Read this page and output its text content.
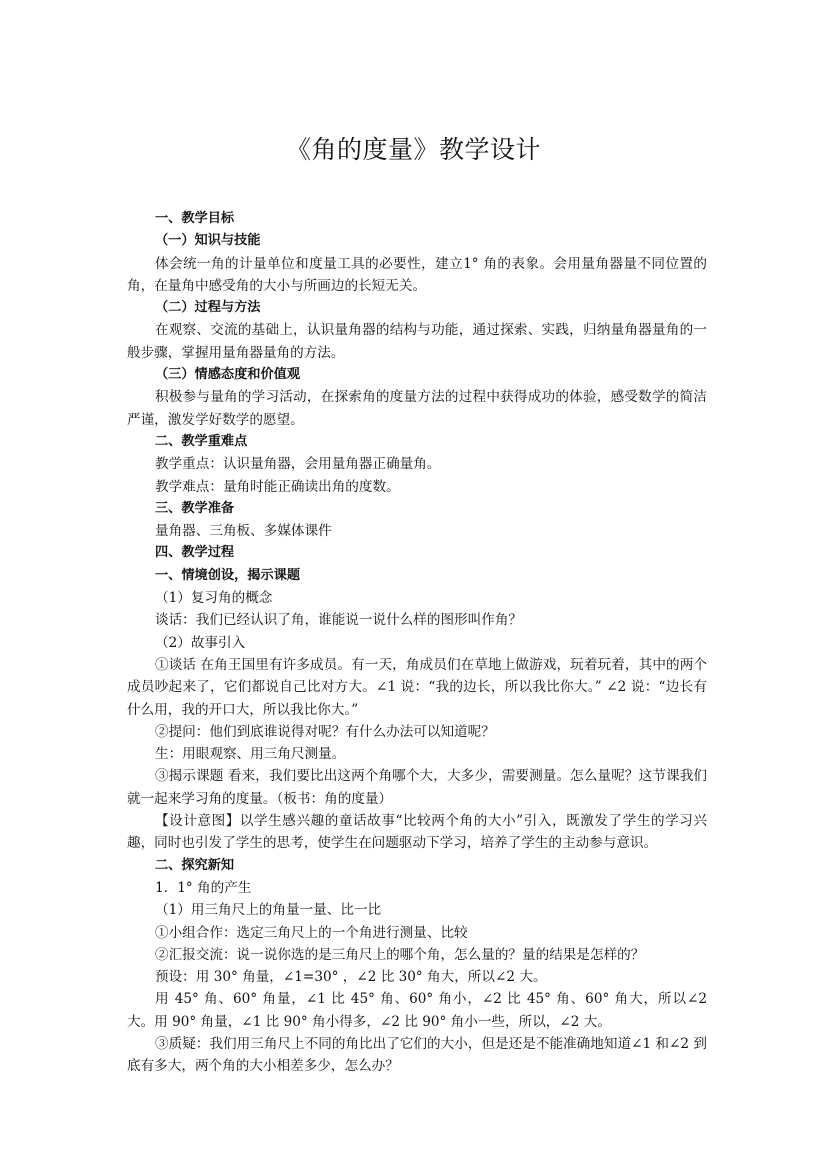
《角的度量》教学设计

一、教学目标

（一）知识与技能

体会统一角的计量单位和度量工具的必要性，建立1° 角的表象。会用量角器量不同位置的角，在量角中感受角的大小与所画边的长短无关。

（二）过程与方法

在观察、交流的基础上，认识量角器的结构与功能，通过探索、实践，归纳量角器量角的一般步骤，掌握用量角器量角的方法。

（三）情感态度和价值观

积极参与量角的学习活动，在探索角的度量方法的过程中获得成功的体验，感受数学的简洁严谨，激发学好数学的愿望。

二、教学重难点

教学重点：认识量角器，会用量角器正确量角。

教学难点：量角时能正确读出角的度数。

三、教学准备

量角器、三角板、多媒体课件

四、教学过程

一、情境创设，揭示课题

（1）复习角的概念

谈话：我们已经认识了角，谁能说一说什么样的图形叫作角？

（2）故事引入

①谈话 在角王国里有许多成员。有一天，角成员们在草地上做游戏，玩着玩着，其中的两个成员吵起来了，它们都说自己比对方大。∠1 说：“我的边长，所以我比你大。” ∠2 说：“边长有什么用，我的开口大，所以我比你大。”

②提问：他们到底谁说得对呢？有什么办法可以知道呢？

生：用眼观察、用三角尺测量。

③揭示课题 看来，我们要比出这两个角哪个大，大多少，需要测量。怎么量呢？这节课我们就一起来学习角的度量。（板书：角的度量）

【设计意图】以学生感兴趣的童话故事“比较两个角的大小”引入，既激发了学生的学习兴趣，同时也引发了学生的思考，使学生在问题驱动下学习，培养了学生的主动参与意识。

二、探究新知

1．1° 角的产生

（1）用三角尺上的角量一量、比一比

①小组合作：选定三角尺上的一个角进行测量、比较

②汇报交流：说一说你选的是三角尺上的哪个角，怎么量的？量的结果是怎样的？

预设：用 30° 角量，∠1=30° ，∠2 比 30° 角大，所以∠2 大。

用 45° 角、60° 角量，∠1 比 45° 角、60° 角小，∠2 比 45° 角、60° 角大，所以∠2 大。用 90° 角量，∠1 比 90° 角小得多，∠2 比 90° 角小一些，所以，∠2 大。

③质疑：我们用三角尺上不同的角比出了它们的大小，但是还是不能准确地知道∠1 和∠2 到底有多大，两个角的大小相差多少，怎么办？
